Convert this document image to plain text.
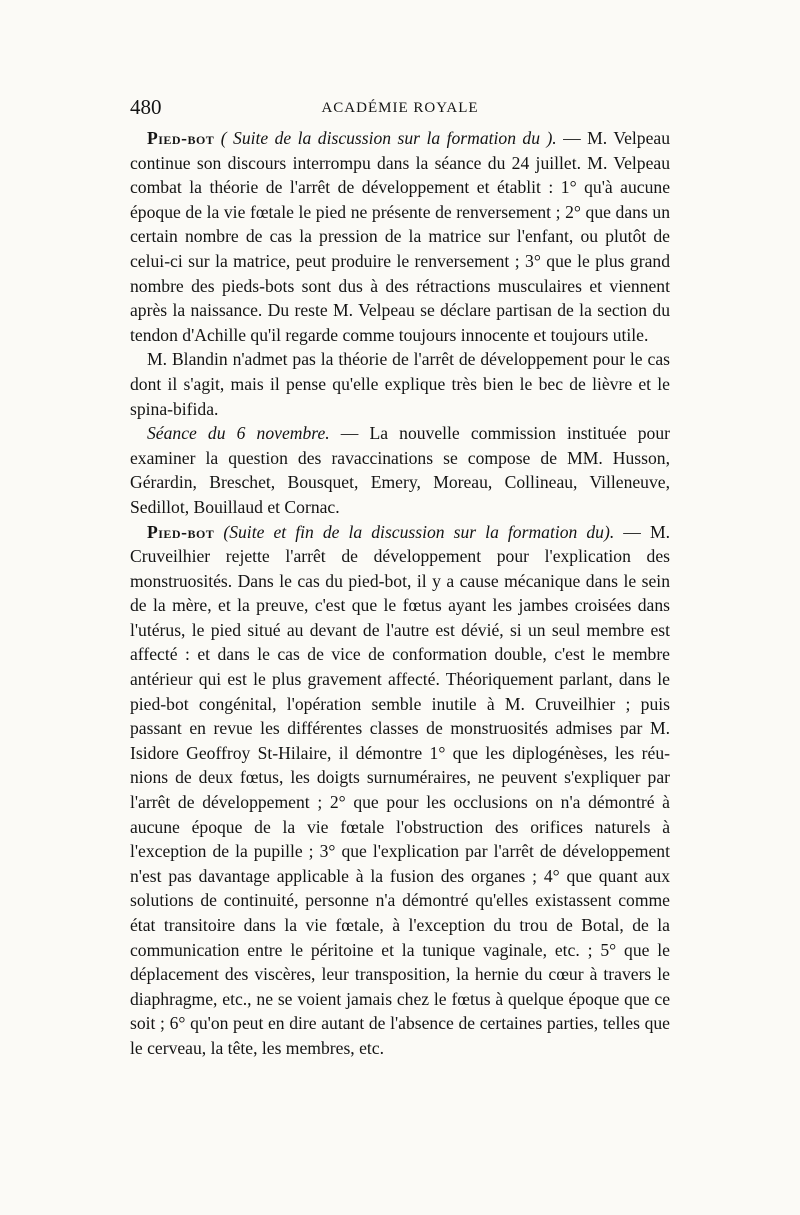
480	ACADÉMIE ROYALE

Pied-bot ( Suite de la discussion sur la formation du ). — M. Velpeau continue son discours interrompu dans la séance du 24 juillet. M. Velpeau combat la théorie de l'arrêt de développement et établit : 1° qu'à aucune époque de la vie fœtale le pied ne présente de renversement ; 2° que dans un certain nombre de cas la pression de la matrice sur l'enfant, ou plutôt de celui-ci sur la matrice, peut produire le renversement ; 3° que le plus grand nombre des pieds-bots sont dus à des rétractions musculaires et viennent après la naissance. Du reste M. Velpeau se déclare partisan de la section du tendon d'Achille qu'il regarde comme toujours innocente et toujours utile.

M. Blandin n'admet pas la théorie de l'arrêt de développement pour le cas dont il s'agit, mais il pense qu'elle explique très bien le bec de lièvre et le spina-bifida.

Séance du 6 novembre. — La nouvelle commission instituée pour examiner la question des ravaccinations se compose de MM. Husson, Gérardin, Breschet, Bousquet, Emery, Moreau, Collineau, Villeneuve, Sedillot, Bouillaud et Cornac.

Pied-bot (Suite et fin de la discussion sur la formation du). — M. Cruveilhier rejette l'arrêt de développement pour l'explication des monstruosités. Dans le cas du pied-bot, il y a cause mécanique dans le sein de la mère, et la preuve, c'est que le fœtus ayant les jambes croisées dans l'utérus, le pied situé au devant de l'autre est dévié, si un seul membre est affecté : et dans le cas de vice de conformation double, c'est le membre antérieur qui est le plus gravement affecté. Théoriquement parlant, dans le pied-bot congénital, l'opération semble inutile à M. Cruveilhier ; puis passant en revue les différentes classes de monstruosités admises par M. Isidore Geoffroy St-Hilaire, il démontre 1° que les diplogénèses, les réunions de deux fœtus, les doigts surnuméraires, ne peuvent s'expliquer par l'arrêt de développement ; 2° que pour les occlusions on n'a démontré à aucune époque de la vie fœtale l'obstruction des orifices naturels à l'exception de la pupille ; 3° que l'explication par l'arrêt de développement n'est pas davantage applicable à la fusion des organes ; 4° que quant aux solutions de continuité, personne n'a démontré qu'elles existassent comme état transitoire dans la vie fœtale, à l'exception du trou de Botal, de la communication entre le péritoine et la tunique vaginale, etc. ; 5° que le déplacement des viscères, leur transposition, la hernie du cœur à travers le diaphragme, etc., ne se voient jamais chez le fœtus à quelque époque que ce soit ; 6° qu'on peut en dire autant de l'absence de certaines parties, telles que le cerveau, la tête, les membres, etc.
